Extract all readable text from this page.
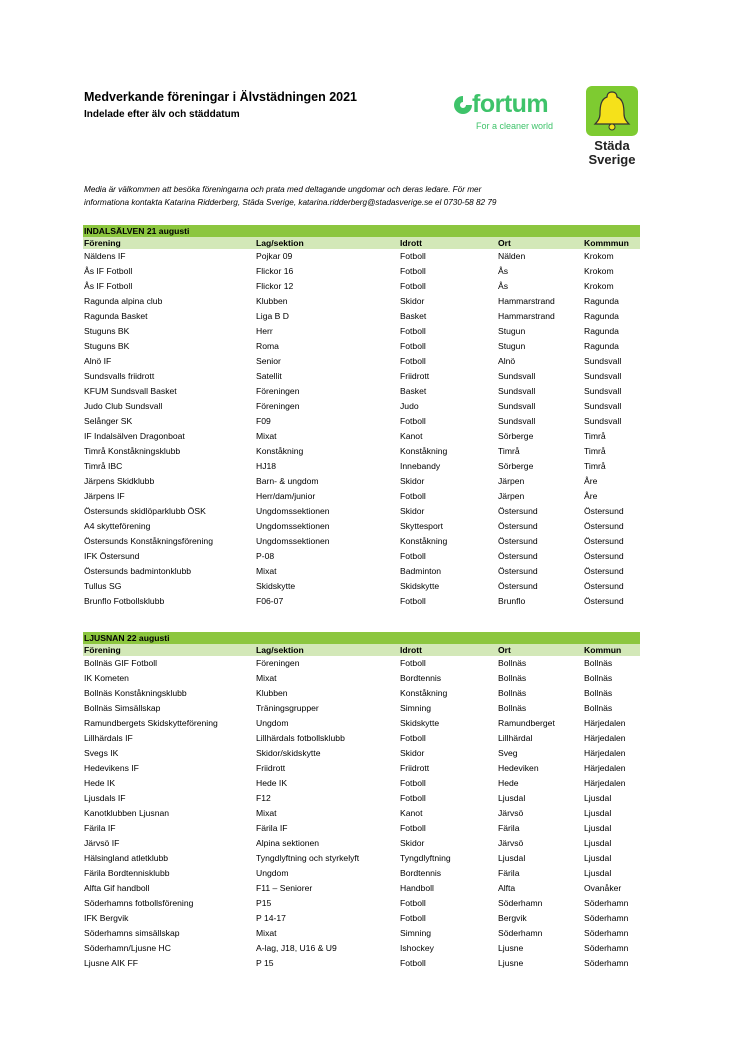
Medverkande föreningar i Älvstädningen 2021
Indelade efter älv och städdatum	fortum
For a cleaner world
Städa
Sverige
Media är välkommen att besöka föreningarna och prata med deltagande ungdomar och deras ledare. För mer
informationa kontakta Katarina Ridderberg, Städa Sverige, katarina.ridderberg@stadasverige.se el 0730-58 82 79
INDALSÄLVEN 21 augusti
Förening	Lag/sektion	Idrott	Ort	Kommmun
Näldens IF	Pojkar 09	Fotboll	Nälden	Krokom
Ås IF Fotboll	Flickor 16	Fotboll	Ås	Krokom
Ås IF Fotboll	Flickor 12	Fotboll	Ås	Krokom
Ragunda alpina club	Klubben	Skidor	Hammarstrand	Ragunda
Ragunda Basket	Liga B D	Basket	Hammarstrand	Ragunda
Stuguns BK	Herr	Fotboll	Stugun	Ragunda
Stuguns BK	Roma	Fotboll	Stugun	Ragunda
Alnö IF	Senior	Fotboll	Alnö	Sundsvall
Sundsvalls friidrott	Satellit	Friidrott	Sundsvall	Sundsvall
KFUM Sundsvall Basket	Föreningen	Basket	Sundsvall	Sundsvall
Judo Club Sundsvall	Föreningen	Judo	Sundsvall	Sundsvall
Selånger SK	F09	Fotboll	Sundsvall	Sundsvall
IF Indalsälven Dragonboat	Mixat	Kanot	Sörberge	Timrå
Timrå Konståkningsklubb	Konståkning	Konståkning	Timrå	Timrå
Timrå IBC	HJ18	Innebandy	Sörberge	Timrå
Järpens Skidklubb	Barn- & ungdom	Skidor	Järpen	Åre
Järpens IF	Herr/dam/junior	Fotboll	Järpen	Åre
Östersunds skidlöparklubb ÖSK	Ungdomssektionen	Skidor	Östersund	Östersund
A4 skytteförening	Ungdomssektionen	Skyttesport	Östersund	Östersund
Östersunds Konståkningsförening	Ungdomssektionen	Konståkning	Östersund	Östersund
IFK Östersund	P-08	Fotboll	Östersund	Östersund
Östersunds badmintonklubb	Mixat	Badminton	Östersund	Östersund
Tullus SG	Skidskytte	Skidskytte	Östersund	Östersund
Brunflo Fotbollsklubb	F06-07	Fotboll	Brunflo	Östersund
LJUSNAN 22 augusti
Förening	Lag/sektion	Idrott	Ort	Kommun
Bollnäs GIF Fotboll	Föreningen	Fotboll	Bollnäs	Bollnäs
IK Kometen	Mixat	Bordtennis	Bollnäs	Bollnäs
Bollnäs Konståkningsklubb	Klubben	Konståkning	Bollnäs	Bollnäs
Bollnäs Simsällskap	Träningsgrupper	Simning	Bollnäs	Bollnäs
Ramundbergets Skidskytteförening	Ungdom	Skidskytte	Ramundberget	Härjedalen
Lillhärdals IF	Lillhärdals fotbollsklubb	Fotboll	Lillhärdal	Härjedalen
Svegs IK	Skidor/skidskytte	Skidor	Sveg	Härjedalen
Hedevikens IF	Friidrott	Friidrott	Hedeviken	Härjedalen
Hede IK	Hede IK	Fotboll	Hede	Härjedalen
Ljusdals IF	F12	Fotboll	Ljusdal	Ljusdal
Kanotklubben Ljusnan	Mixat	Kanot	Järvsö	Ljusdal
Färila IF	Färila IF	Fotboll	Färila	Ljusdal
Järvsö IF	Alpina sektionen	Skidor	Järvsö	Ljusdal
Hälsingland atletklubb	Tyngdlyftning och styrkelyft	Tyngdlyftning	Ljusdal	Ljusdal
Färila Bordtennisklubb	Ungdom	Bordtennis	Färila	Ljusdal
Alfta Gif handboll	F11 – Seniorer	Handboll	Alfta	Ovanåker
Söderhamns fotbollsförening	P15	Fotboll	Söderhamn	Söderhamn
IFK Bergvik	P 14-17	Fotboll	Bergvik	Söderhamn
Söderhamns simsällskap	Mixat	Simning	Söderhamn	Söderhamn
Söderhamn/Ljusne HC	A-lag, J18, U16 & U9	Ishockey	Ljusne	Söderhamn
Ljusne AIK FF	P 15	Fotboll	Ljusne	Söderhamn
